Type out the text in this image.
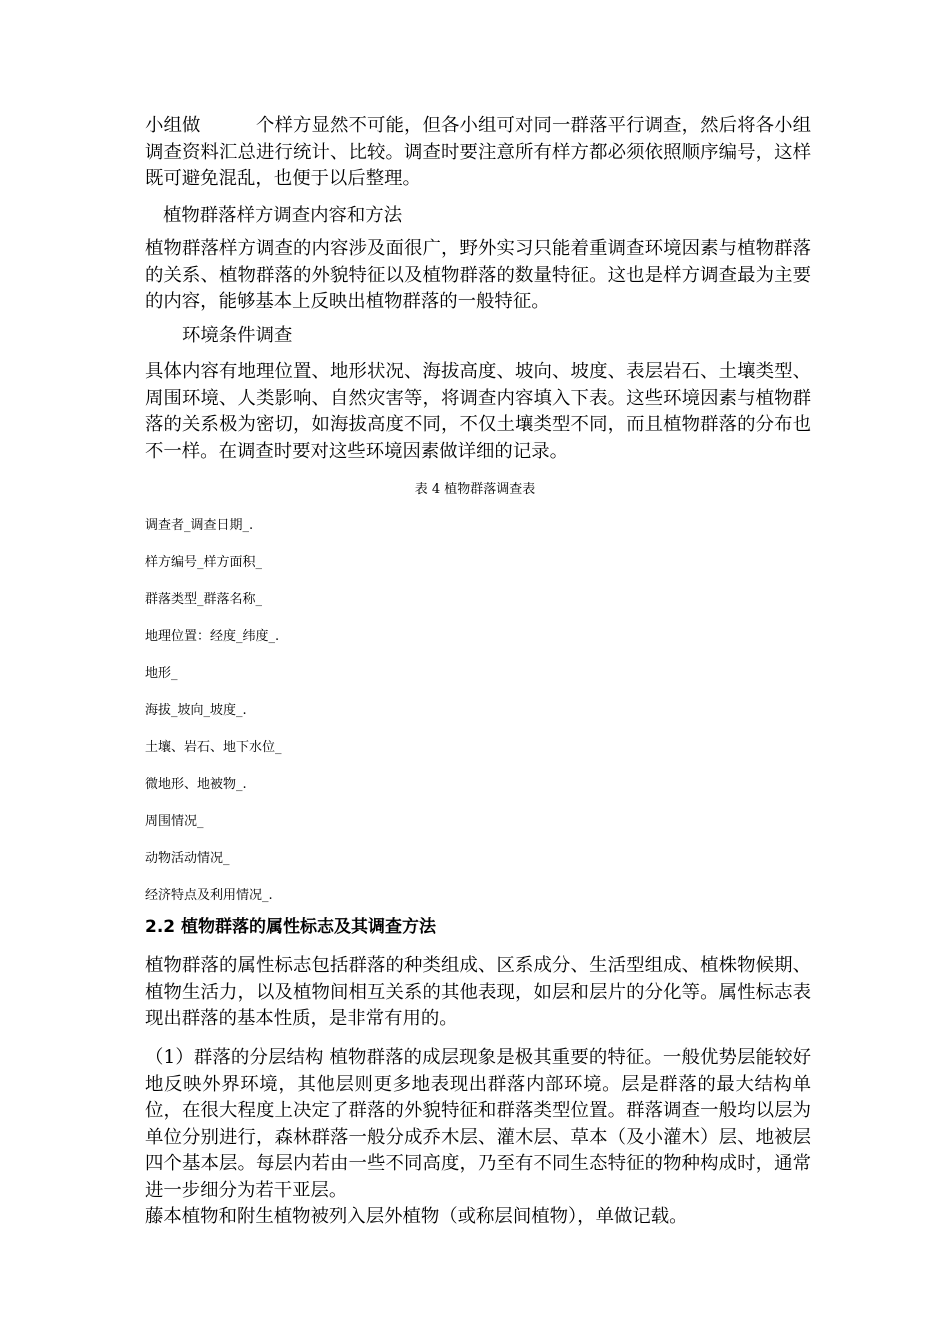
小组做　　　个样方显然不可能，但各小组可对同一群落平行调查，然后将各小组调查资料汇总进行统计、比较。调查时要注意所有样方都必须依照顺序编号，这样既可避免混乱，也便于以后整理。

植物群落样方调查内容和方法

植物群落样方调查的内容涉及面很广，野外实习只能着重调查环境因素与植物群落的关系、植物群落的外貌特征以及植物群落的数量特征。这也是样方调查最为主要的内容，能够基本上反映出植物群落的一般特征。

环境条件调查

具体内容有地理位置、地形状况、海拔高度、坡向、坡度、表层岩石、土壤类型、周围环境、人类影响、自然灾害等，将调查内容填入下表。这些环境因素与植物群落的关系极为密切，如海拔高度不同，不仅土壤类型不同，而且植物群落的分布也不一样。在调查时要对这些环境因素做详细的记录。

表 4 植物群落调查表

调查者_调查日期_.

样方编号_样方面积_

群落类型_群落名称_

地理位置：经度_纬度_.

地形_

海拔_坡向_坡度_.

土壤、岩石、地下水位_

微地形、地被物_.

周围情况_

动物活动情况_

经济特点及利用情况_.

2.2 植物群落的属性标志及其调查方法

植物群落的属性标志包括群落的种类组成、区系成分、生活型组成、植株物候期、植物生活力，以及植物间相互关系的其他表现，如层和层片的分化等。属性标志表现出群落的基本性质，是非常有用的。

（1）群落的分层结构 植物群落的成层现象是极其重要的特征。一般优势层能较好地反映外界环境，其他层则更多地表现出群落内部环境。层是群落的最大结构单位，在很大程度上决定了群落的外貌特征和群落类型位置。群落调查一般均以层为单位分别进行，森林群落一般分成乔木层、灌木层、草本（及小灌木）层、地被层四个基本层。每层内若由一些不同高度，乃至有不同生态特征的物种构成时，通常进一步细分为若干亚层。

藤本植物和附生植物被列入层外植物（或称层间植物），单做记载。
